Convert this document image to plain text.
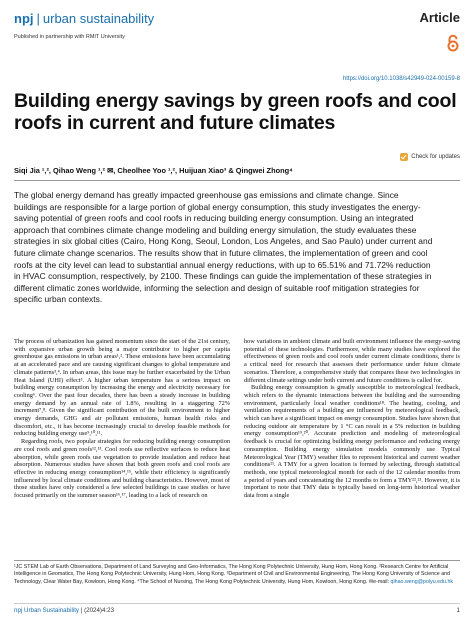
npj | urban sustainability	Article
Published in partnership with RMIT University
https://doi.org/10.1038/s42949-024-00159-8
Building energy savings by green roofs and cool roofs in current and future climates
Check for updates
Siqi Jia ¹,², Qihao Weng ¹,² ✉, Cheolhee Yoo ¹,², Huijuan Xiao³ & Qingwei Zhong⁴

The global energy demand has greatly impacted greenhouse gas emissions and climate change. Since buildings are responsible for a large portion of global energy consumption, this study investigates the energy-saving potential of green roofs and cool roofs in reducing building energy consumption. Using an integrated approach that combines climate change modeling and building energy simulation, the study evaluates these strategies in six global cities (Cairo, Hong Kong, Seoul, London, Los Angeles, and Sao Paulo) under current and future climate change scenarios. The results show that in future climates, the implementation of green and cool roofs at the city level can lead to substantial annual energy reductions, with up to 65.51% and 71.72% reduction in HVAC consumption, respectively, by 2100. These findings can guide the implementation of these strategies in different climatic zones worldwide, informing the selection and design of suitable roof mitigation strategies for specific urban contexts.

The process of urbanization has gained momentum since the start of the 21st century, with expansive urban growth being a major contributor to higher per capita greenhouse gas emissions in urban areas¹,². These emissions have been accumulating at an accelerated pace and are causing significant changes to global temperature and climate patterns³,⁴. In urban areas, this issue may be further exacerbated by the Urban Heat Island (UHI) effect⁵. A higher urban temperature has a serious impact on building energy consumption by increasing the energy and electricity necessary for cooling⁶. Over the past four decades, there has been a steady increase in building energy demand by an annual rate of 1.8%, resulting in a staggering 72% increment⁷,⁸. Given the significant contribution of the built environment to higher energy demands, GHG and air pollutant emissions, human health risks and discomfort, etc., it has become increasingly crucial to develop feasible methods for reducing building energy use⁹,¹⁰,¹¹.

Regarding roofs, two popular strategies for reducing building energy consumption are cool roofs and green roofs¹²,¹³. Cool roofs use reflective surfaces to reduce heat absorption, while green roofs use vegetation to provide insulation and reduce heat absorption. Numerous studies have shown that both green roofs and cool roofs are effective in reducing energy consumption¹⁴,¹⁵, while their efficiency is significantly influenced by local climate conditions and building characteristics. However, most of those studies have only considered a few selected buildings in case studies or have focused primarily on the summer season¹⁶,¹⁷, leading to a lack of research on

how variations in ambient climate and built environment influence the energy-saving potential of these technologies. Furthermore, while many studies have explored the effectiveness of green roofs and cool roofs under current climate conditions, there is a critical need for research that assesses their performance under future climate scenarios. Therefore, a comprehensive study that compares these two technologies in different climate settings under both current and future conditions is called for.

Building energy consumption is greatly susceptible to meteorological feedback, which refers to the dynamic interactions between the building and the surrounding environment, particularly local weather conditions¹⁸. The heating, cooling, and ventilation requirements of a building are influenced by meteorological feedback, which can have a significant impact on energy consumption. Studies have shown that reducing outdoor air temperature by 1 °C can result in a 5% reduction in building energy consumption¹⁹,²⁰. Accurate prediction and modeling of meteorological feedback is crucial for optimizing building energy performance and reducing energy consumption. Building energy simulation models commonly use Typical Meteorological Year (TMY) weather files to represent historical and current weather conditions²¹. A TMY for a given location is formed by selecting, through statistical methods, one typical meteorological month for each of the 12 calendar months from a period of years and concatenating the 12 months to form a TMY²²,²³. However, it is important to note that TMY data is typically based on long-term historical weather data from a single

¹JC STEM Lab of Earth Observations, Department of Land Surveying and Geo-Informatics, The Hong Kong Polytechnic University, Hung Hom, Hong Kong. ²Research Centre for Artificial Intelligence in Geomatics, The Hong Kong Polytechnic University, Hung Hom, Hong Kong. ³Department of Civil and Environmental Engineering, The Hong Kong University of Science and Technology, Clear Water Bay, Kowloon, Hong Kong. ⁴The School of Nursing, The Hong Kong Polytechnic University, Hung Hom, Kowloon, Hong Kong. ✉e-mail: qihao.weng@polyu.edu.hk
npj Urban Sustainability | (2024)4:23	1
